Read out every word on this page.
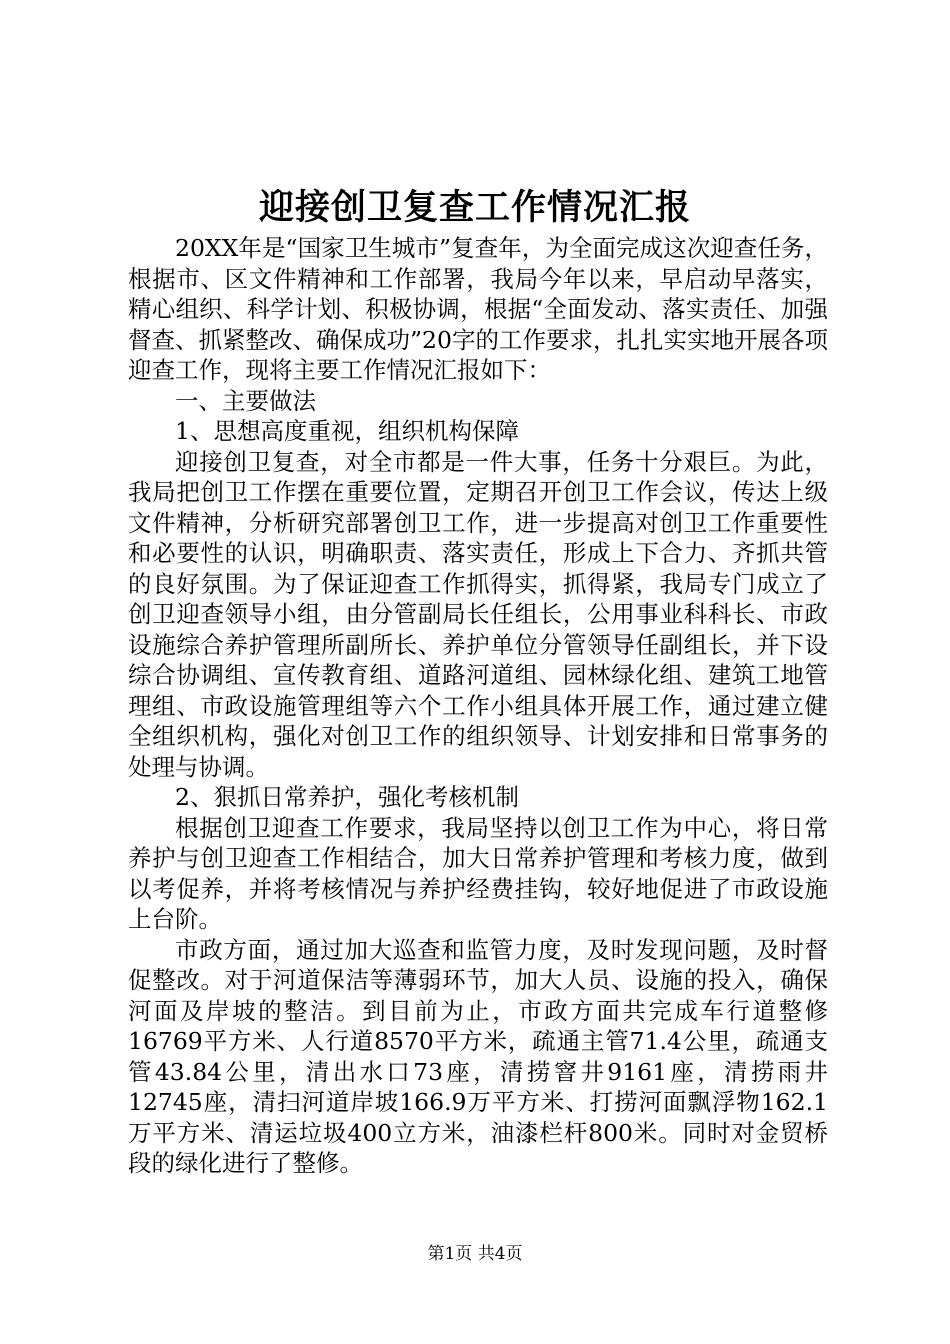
迎接创卫复查工作情况汇报

20XX年是“国家卫生城市”复查年，为全面完成这次迎查任务，根据市、区文件精神和工作部署，我局今年以来，早启动早落实，精心组织、科学计划、积极协调，根据“全面发动、落实责任、加强督查、抓紧整改、确保成功”20字的工作要求，扎扎实实地开展各项迎查工作，现将主要工作情况汇报如下：

一、主要做法

1、思想高度重视，组织机构保障

迎接创卫复查，对全市都是一件大事，任务十分艰巨。为此，我局把创卫工作摆在重要位置，定期召开创卫工作会议，传达上级文件精神，分析研究部署创卫工作，进一步提高对创卫工作重要性和必要性的认识，明确职责、落实责任，形成上下合力、齐抓共管的良好氛围。为了保证迎查工作抓得实，抓得紧，我局专门成立了创卫迎查领导小组，由分管副局长任组长，公用事业科科长、市政设施综合养护管理所副所长、养护单位分管领导任副组长，并下设综合协调组、宣传教育组、道路河道组、园林绿化组、建筑工地管理组、市政设施管理组等六个工作小组具体开展工作，通过建立健全组织机构，强化对创卫工作的组织领导、计划安排和日常事务的处理与协调。

2、狠抓日常养护，强化考核机制

根据创卫迎查工作要求，我局坚持以创卫工作为中心，将日常养护与创卫迎查工作相结合，加大日常养护管理和考核力度，做到以考促养，并将考核情况与养护经费挂钩，较好地促进了市政设施上台阶。

市政方面，通过加大巡查和监管力度，及时发现问题，及时督促整改。对于河道保洁等薄弱环节，加大人员、设施的投入，确保河面及岸坡的整洁。到目前为止，市政方面共完成车行道整修16769平方米、人行道8570平方米，疏通主管71.4公里，疏通支管43.84公里，清出水口73座，清捞窨井9161座，清捞雨井12745座，清扫河道岸坡166.9万平方米、打捞河面飘浮物162.1万平方米、清运垃圾400立方米，油漆栏杆800米。同时对金贸桥段的绿化进行了整修。

第1页 共4页
